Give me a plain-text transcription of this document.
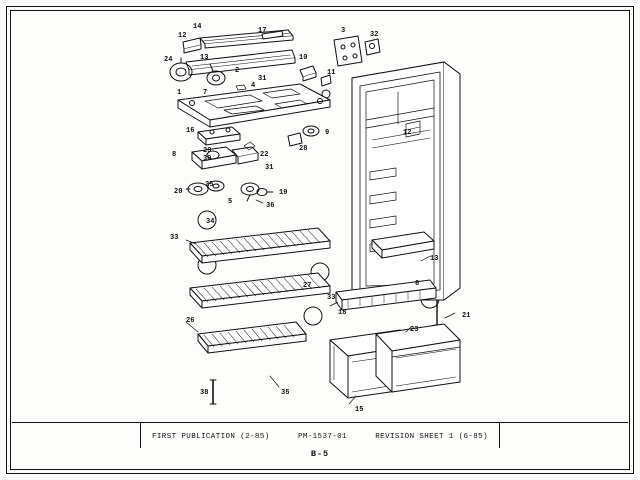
12
14	17	3	32
24	13	10
11
2
1	7
4
31
16	9
28
8	29
30	22
31
20
25
5
19
36
34
33
12
13
6
21
27
33
18
23
26
35
38
15
FIRST PUBLICATION (2-85)	PM-1537-01	REVISION SHEET 1 (6-85)
B-5
